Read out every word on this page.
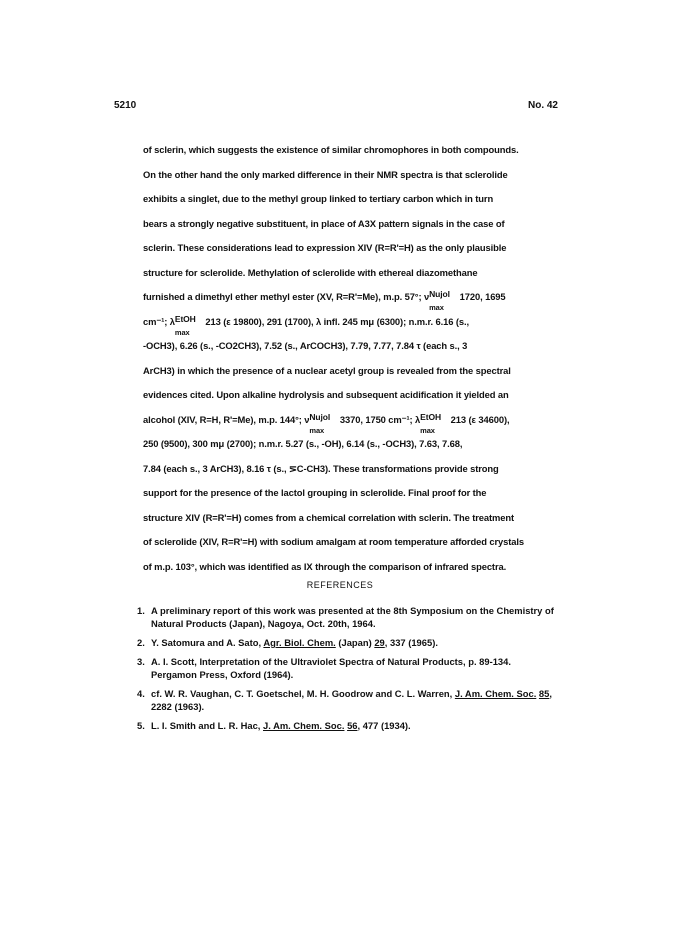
5210	No. 42
of sclerin, which suggests the existence of similar chromophores in both compounds.
On the other hand the only marked difference in their NMR spectra is that sclerolide
exhibits a singlet, due to the methyl group linked to tertiary carbon which in turn
bears a strongly negative substituent, in place of A3X pattern signals in the case of
sclerin. These considerations lead to expression XIV (R=R'=H) as the only plausible
structure for sclerolide. Methylation of sclerolide with ethereal diazomethane
furnished a dimethyl ether methyl ester (XV, R=R'=Me), m.p. 57°; ν Nujol
max
1720, 1695
cm⁻¹; λ EtOH
max
213 (ε 19800), 291 (1700), λ infl. 245 mμ (6300); n.m.r. 6.16 (s.,
-OCH3), 6.26 (s., -CO2CH3), 7.52 (s., ArCOCH3), 7.79, 7.77, 7.84 τ (each s., 3
ArCH3) in which the presence of a nuclear acetyl group is revealed from the spectral
evidences cited. Upon alkaline hydrolysis and subsequent acidification it yielded an
alcohol (XIV, R=H, R'=Me), m.p. 144°; ν Nujol
max
3370, 1750 cm⁻¹; λ EtOH
max
213 (ε 34600),
250 (9500), 300 mμ (2700); n.m.r. 5.27 (s., -OH), 6.14 (s., -OCH3), 7.63, 7.68,
7.84 (each s., 3 ArCH3), 8.16 τ (s., ⋝C-CH3). These transformations provide strong
support for the presence of the lactol grouping in sclerolide. Final proof for the
structure XIV (R=R'=H) comes from a chemical correlation with sclerin. The treatment
of sclerolide (XIV, R=R'=H) with sodium amalgam at room temperature afforded crystals
of m.p. 103°, which was identified as IX through the comparison of infrared spectra.
REFERENCES
1. A preliminary report of this work was presented at the 8th Symposium on the Chemistry of Natural Products (Japan), Nagoya, Oct. 20th, 1964.
2. Y. Satomura and A. Sato, Agr. Biol. Chem. (Japan) 29, 337 (1965).
3. A. I. Scott, Interpretation of the Ultraviolet Spectra of Natural Products, p. 89-134. Pergamon Press, Oxford (1964).
4. cf. W. R. Vaughan, C. T. Goetschel, M. H. Goodrow and C. L. Warren, J. Am. Chem. Soc. 85, 2282 (1963).
5. L. I. Smith and L. R. Hac, J. Am. Chem. Soc. 56, 477 (1934).
